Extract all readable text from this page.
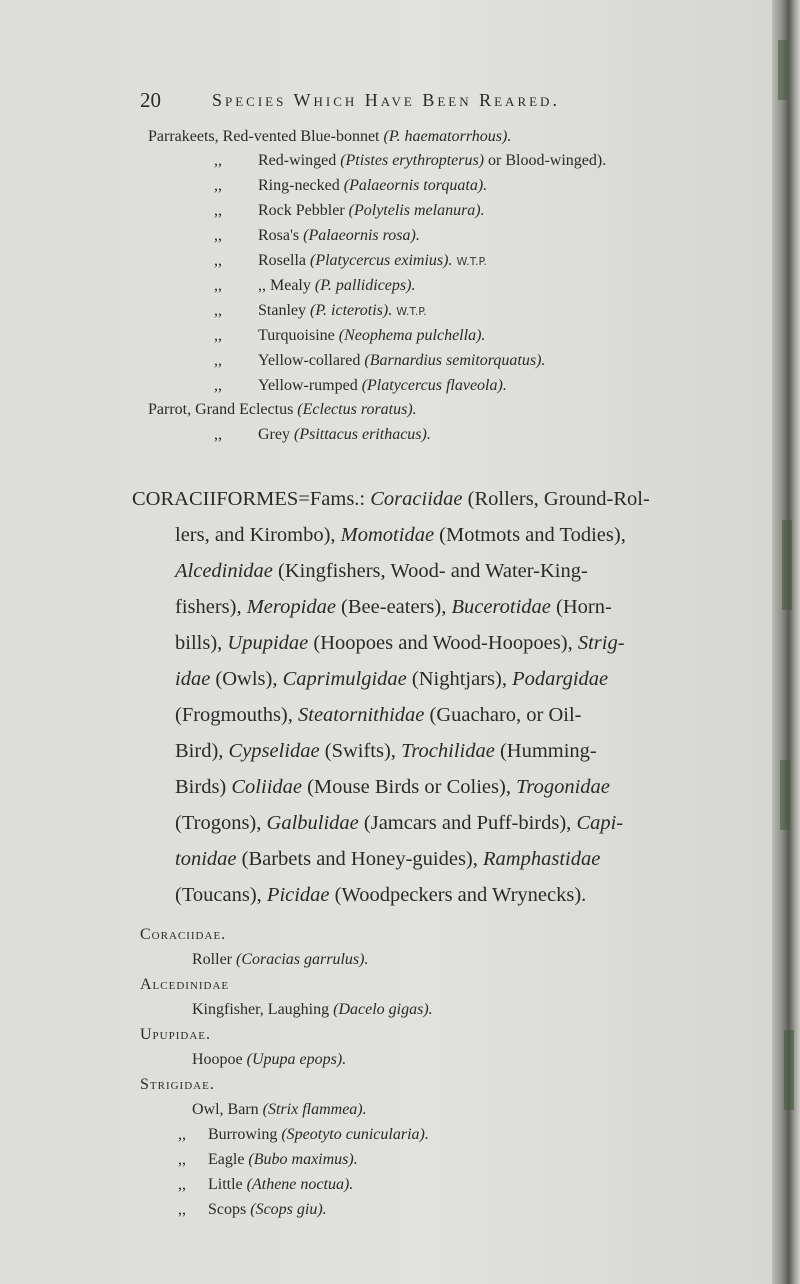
20	Species Which Have Been Reared.
Parrakeets, Red-vented Blue-bonnet (P. haematorrhous).
,, Red-winged (Ptistes erythropterus) or Blood-winged).
,, Ring-necked (Palaeornis torquata).
,, Rock Pebbler (Polytelis melanura).
,, Rosa's (Palaeornis rosa).
,, Rosella (Platycercus eximius). W.T.P.
,, ,, Mealy (P. pallidiceps).
,, Stanley (P. icterotis). W.T.P.
,, Turquoisine (Neophema pulchella).
,, Yellow-collared (Barnardius semitorquatus).
,, Yellow-rumped (Platycercus flaveola).
Parrot, Grand Eclectus (Eclectus roratus).
,, Grey (Psittacus erithacus).
CORACIIFORMES=Fams.: Coraciidae (Rollers, Ground-Rol-
lers, and Kirombo), Momotidae (Motmots and Todies),
Alcedinidae (Kingfishers, Wood- and Water-King-
fishers), Meropidae (Bee-eaters), Bucerotidae (Horn-
bills), Upupidae (Hoopoes and Wood-Hoopoes), Strig-
idae (Owls), Caprimulgidae (Nightjars), Podargidae
(Frogmouths), Steatornithidae (Guacharo, or Oil-
Bird), Cypselidae (Swifts), Trochilidae (Humming-
Birds) Coliidae (Mouse Birds or Colies), Trogonidae
(Trogons), Galbulidae (Jamcars and Puff-birds), Capi-
tonidae (Barbets and Honey-guides), Ramphastidae
(Toucans), Picidae (Woodpeckers and Wrynecks).
Coraciidae.
Roller (Coracias garrulus).
Alcedinidae
Kingfisher, Laughing (Dacelo gigas).
Upupidae.
Hoopoe (Upupa epops).
Strigidae.
Owl, Barn (Strix flammea).
,, Burrowing (Speotyto cunicularia).
,, Eagle (Bubo maximus).
,, Little (Athene noctua).
,, Scops (Scops giu).
